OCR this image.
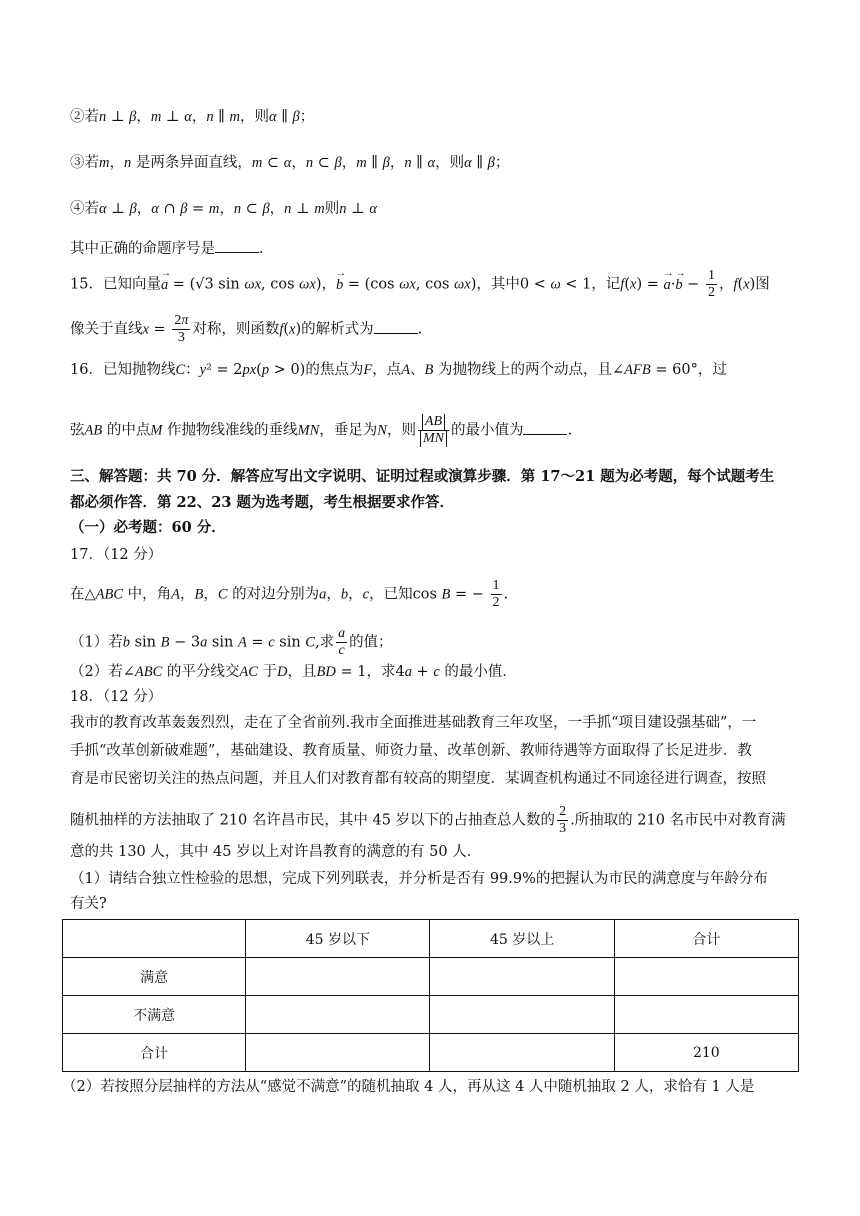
②若n ⊥ β，m ⊥ α，n ∥ m，则α ∥ β；
③若m，n 是两条异面直线，m ⊂ α，n ⊂ β，m ∥ β，n ∥ α，则α ∥ β；
④若α ⊥ β，α ∩ β = m，n ⊂ β，n ⊥ m则n ⊥ α
其中正确的命题序号是	.
15．已知向量→ a = (√3 sin ωx, cos ωx)，→ b = (cos ωx, cos ωx)，其中0 < ω < 1，记f(x) = → $a\cdot\to b - \frac{1}{2}$ ，f(x)图
像关于直线$x = \frac{2\pi}{3}$ 对称，则函数f(x)的解析式为	.
16．已知抛物线C：y² = 2px(p > 0)的焦点为F，点A、B 为抛物线上的两个动点，且∠AFB = 60°，过
弦AB 的中点M 作抛物线准线的垂线MN，垂足为N，则 $\frac{AB}{MN}$ 的最小值为	.
三、解答题：共 70 分．解答应写出文字说明、证明过程或演算步骤．第 17～21 题为必考题，每个试题考生
都必须作答．第 22、23 题为选考题，考生根据要求作答．
（一）必考题：60 分．
17．（12 分）
在△ABC 中，角A，B，C 的对边分别为a，b，c，已知cos B = − $\frac{1}{2}$ .
（1）若b sin B − 3a sin A = c sin C,求 $\frac{a}{c}$ 的值；
（2）若∠ABC 的平分线交AC 于D，且BD = 1，求4a + c 的最小值．
18．（12 分）
我市的教育改革轰轰烈烈，走在了全省前列.我市全面推进基础教育三年攻坚，一手抓“项目建设强基础”，一
手抓“改革创新破难题”，基础建设、教育质量、师资力量、改革创新、教师待遇等方面取得了长足进步．教
育是市民密切关注的热点问题，并且人们对教育都有较高的期望度．某调查机构通过不同途径进行调查，按照
随机抽样的方法抽取了 210 名许昌市民，其中 45 岁以下的占抽查总人数的 $\frac{2}{3}$ .所抽取的 210 名市民中对教育满
意的共 130 人，其中 45 岁以上对许昌教育的满意的有 50 人．
（1）请结合独立性检验的思想，完成下列列联表，并分析是否有 99.9%的把握认为市民的满意度与年龄分布
有关?
	45 岁以下	45 岁以上	合计
满意			
不满意			
合计			210
（2）若按照分层抽样的方法从“感觉不满意”的随机抽取 4 人，再从这 4 人中随机抽取 2 人，求恰有 1 人是
